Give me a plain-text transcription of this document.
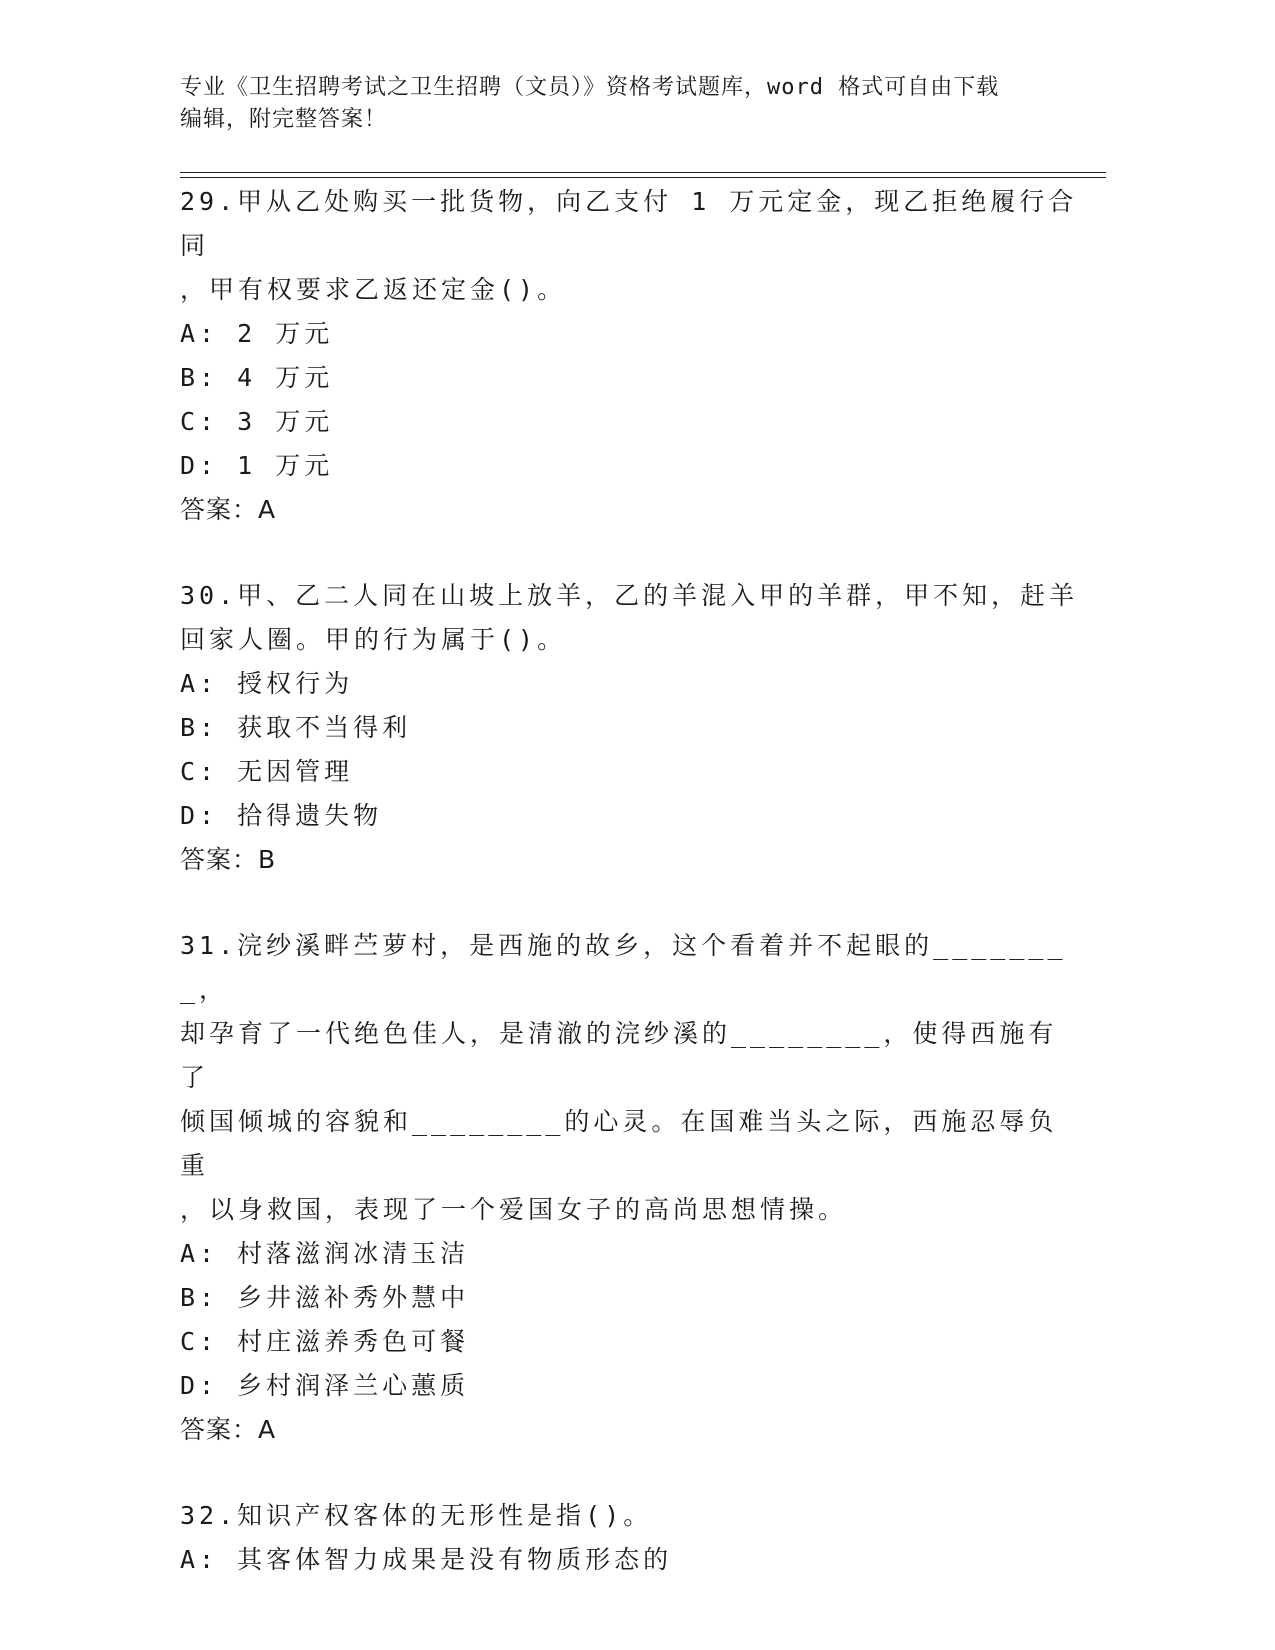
专业《卫生招聘考试之卫生招聘（文员）》资格考试题库，word 格式可自由下载
编辑，附完整答案！
29.甲从乙处购买一批货物，向乙支付 1 万元定金，现乙拒绝履行合同
，甲有权要求乙返还定金()。
A: 2 万元
B: 4 万元
C: 3 万元
D: 1 万元
答案：A
30.甲、乙二人同在山坡上放羊，乙的羊混入甲的羊群，甲不知，赶羊
回家人圈。甲的行为属于()。
A: 授权行为
B: 获取不当得利
C: 无因管理
D: 拾得遗失物
答案：B
31.浣纱溪畔苎萝村，是西施的故乡，这个看着并不起眼的________，
却孕育了一代绝色佳人，是清澈的浣纱溪的________，使得西施有了
倾国倾城的容貌和________的心灵。在国难当头之际，西施忍辱负重
，以身救国，表现了一个爱国女子的高尚思想情操。
A: 村落滋润冰清玉洁
B: 乡井滋补秀外慧中
C: 村庄滋养秀色可餐
D: 乡村润泽兰心蕙质
答案：A
32.知识产权客体的无形性是指()。
A: 其客体智力成果是没有物质形态的
